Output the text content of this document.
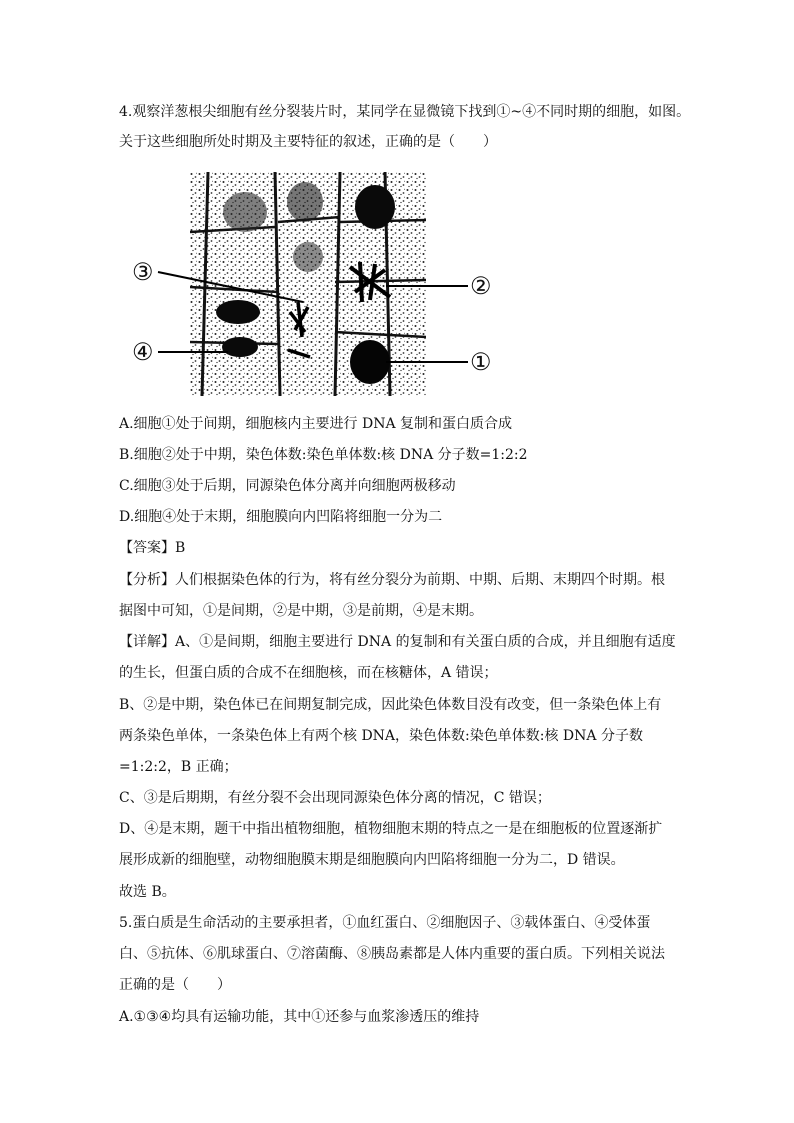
4.观察洋葱根尖细胞有丝分裂装片时，某同学在显微镜下找到①~④不同时期的细胞，如图。
关于这些细胞所处时期及主要特征的叙述，正确的是（　　）
③
④
②
①
A.细胞①处于间期，细胞核内主要进行 DNA 复制和蛋白质合成
B.细胞②处于中期，染色体数:染色单体数:核 DNA 分子数=1:2:2
C.细胞③处于后期，同源染色体分离并向细胞两极移动
D.细胞④处于末期，细胞膜向内凹陷将细胞一分为二
【答案】B
【分析】人们根据染色体的行为，将有丝分裂分为前期、中期、后期、末期四个时期。根
据图中可知，①是间期，②是中期，③是前期，④是末期。
【详解】A、①是间期，细胞主要进行 DNA 的复制和有关蛋白质的合成，并且细胞有适度
的生长，但蛋白质的合成不在细胞核，而在核糖体，A 错误；
B、②是中期，染色体已在间期复制完成，因此染色体数目没有改变，但一条染色体上有
两条染色单体，一条染色体上有两个核 DNA，染色体数:染色单体数:核 DNA 分子数
=1:2:2，B 正确；
C、③是后期期，有丝分裂不会出现同源染色体分离的情况，C 错误；
D、④是末期，题干中指出植物细胞，植物细胞末期的特点之一是在细胞板的位置逐渐扩
展形成新的细胞壁，动物细胞膜末期是细胞膜向内凹陷将细胞一分为二，D 错误。
故选 B。
5.蛋白质是生命活动的主要承担者，①血红蛋白、②细胞因子、③载体蛋白、④受体蛋
白、⑤抗体、⑥肌球蛋白、⑦溶菌酶、⑧胰岛素都是人体内重要的蛋白质。下列相关说法
正确的是（　　）
A.①③④均具有运输功能，其中①还参与血浆渗透压的维持
